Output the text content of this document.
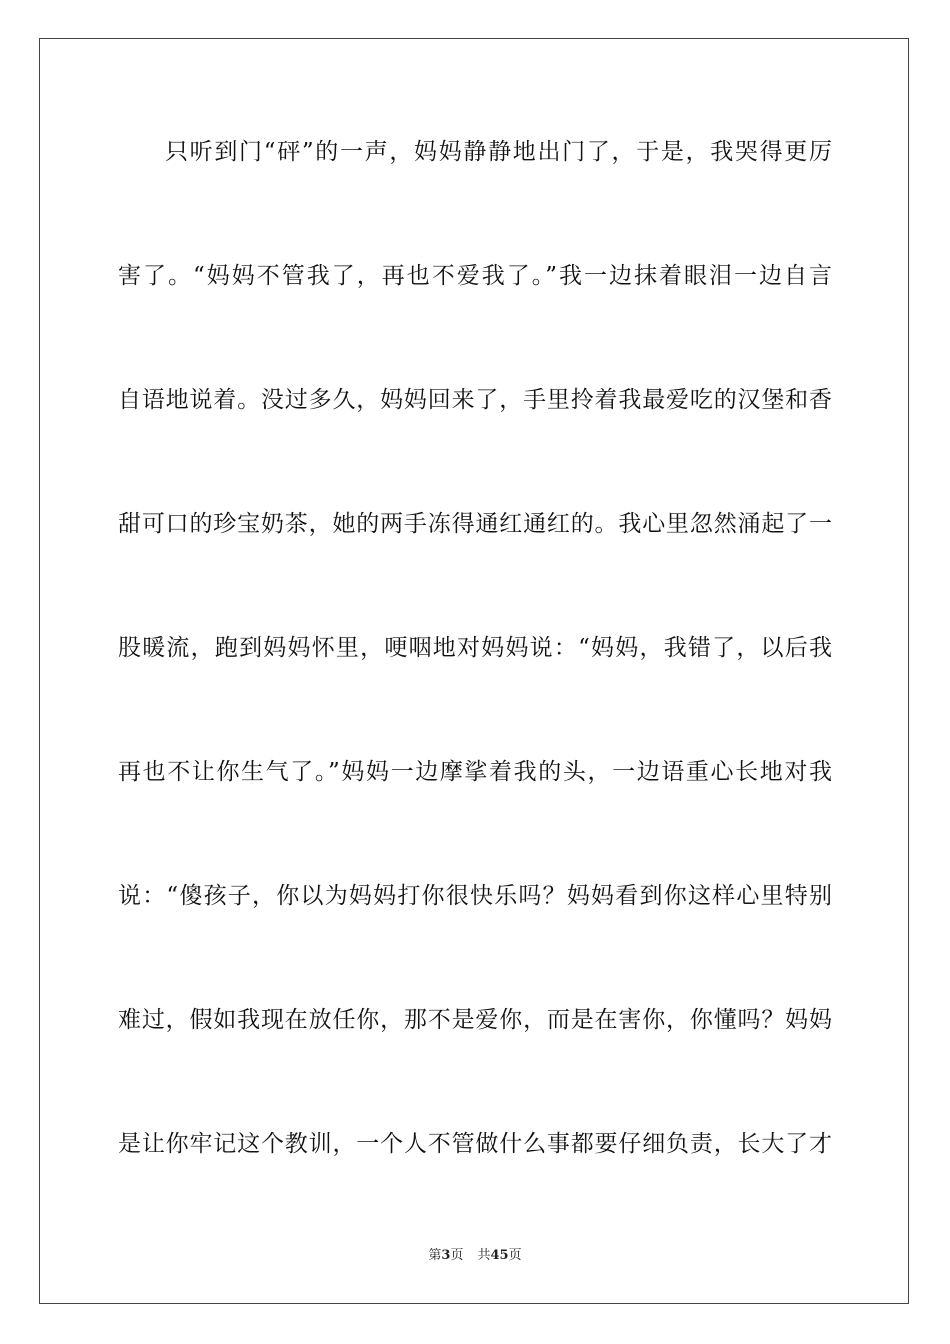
只听到门“砰”的一声，妈妈静静地出门了，于是，我哭得更厉
害了。“妈妈不管我了，再也不爱我了。”我一边抹着眼泪一边自言
自语地说着。没过多久，妈妈回来了，手里拎着我最爱吃的汉堡和香
甜可口的珍宝奶茶，她的两手冻得通红通红的。我心里忽然涌起了一
股暖流，跑到妈妈怀里，哽咽地对妈妈说：“妈妈，我错了，以后我
再也不让你生气了。”妈妈一边摩挲着我的头，一边语重心长地对我
说：“傻孩子，你以为妈妈打你很快乐吗？妈妈看到你这样心里特别
难过，假如我现在放任你，那不是爱你，而是在害你，你懂吗？妈妈
是让你牢记这个教训，一个人不管做什么事都要仔细负责，长大了才
第3页 共45页
